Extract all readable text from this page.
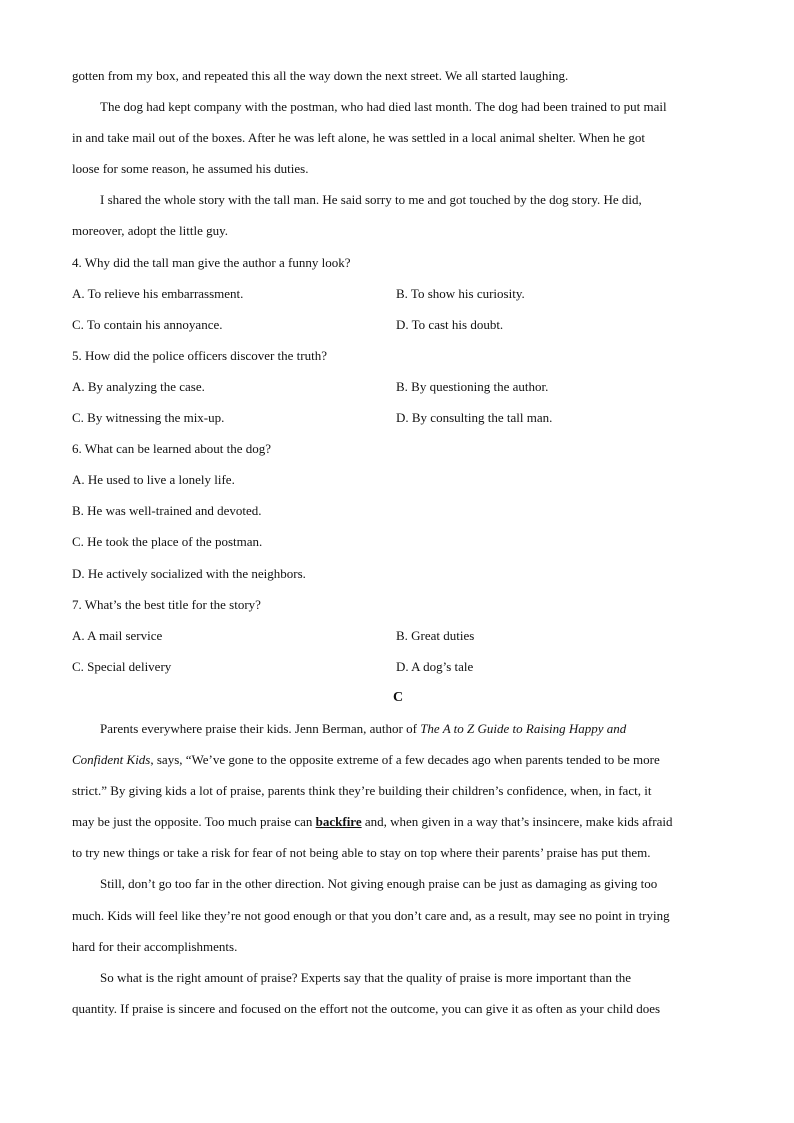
gotten from my box, and repeated this all the way down the next street. We all started laughing.
The dog had kept company with the postman, who had died last month. The dog had been trained to put mail
in and take mail out of the boxes. After he was left alone, he was settled in a local animal shelter. When he got
loose for some reason, he assumed his duties.
I shared the whole story with the tall man. He said sorry to me and got touched by the dog story. He did,
moreover, adopt the little guy.
4. Why did the tall man give the author a funny look?
A. To relieve his embarrassment.	B. To show his curiosity.
C. To contain his annoyance.	D. To cast his doubt.
5. How did the police officers discover the truth?
A. By analyzing the case.	B. By questioning the author.
C. By witnessing the mix-up.	D. By consulting the tall man.
6. What can be learned about the dog?
A. He used to live a lonely life.
B. He was well-trained and devoted.
C. He took the place of the postman.
D. He actively socialized with the neighbors.
7. What’s the best title for the story?
A. A mail service	B. Great duties
C. Special delivery	D. A dog’s tale
C
Parents everywhere praise their kids. Jenn Berman, author of The A to Z Guide to Raising Happy and
Confident Kids, says, “We’ve gone to the opposite extreme of a few decades ago when parents tended to be more
strict.” By giving kids a lot of praise, parents think they’re building their children’s confidence, when, in fact, it
may be just the opposite. Too much praise can backfire and, when given in a way that’s insincere, make kids afraid
to try new things or take a risk for fear of not being able to stay on top where their parents’ praise has put them.
Still, don’t go too far in the other direction. Not giving enough praise can be just as damaging as giving too
much. Kids will feel like they’re not good enough or that you don’t care and, as a result, may see no point in trying
hard for their accomplishments.
So what is the right amount of praise? Experts say that the quality of praise is more important than the
quantity. If praise is sincere and focused on the effort not the outcome, you can give it as often as your child does
